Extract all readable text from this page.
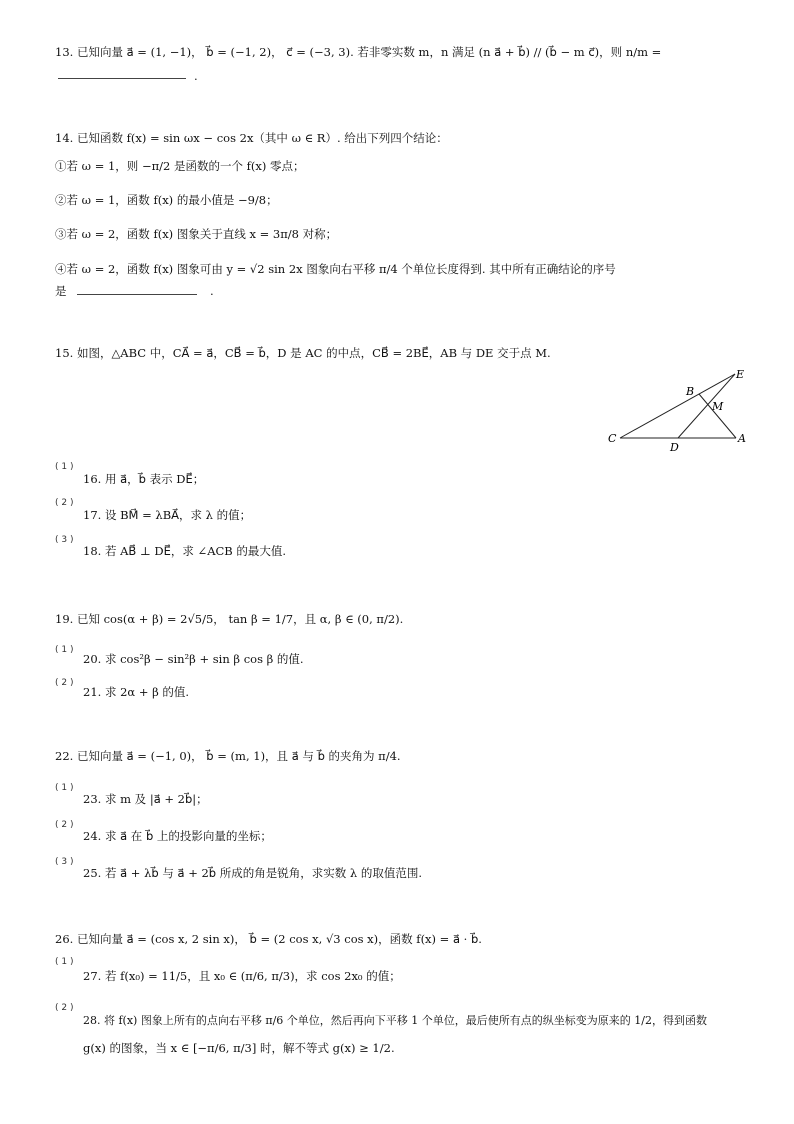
13. 已知向量 a⃗ = (1, −1)， b⃗ = (−1, 2)， c⃗ = (−3, 3). 若非零实数 m，n 满足 (n a⃗ + b⃗) // (b⃗ − m c⃗)，则 n/m =
.
14. 已知函数 f(x) = sin ωx − cos 2x（其中 ω ∈ R）. 给出下列四个结论：
①若 ω = 1，则 −π/2 是函数的一个 f(x) 零点；
②若 ω = 1，函数 f(x) 的最小值是 −9/8；
③若 ω = 2，函数 f(x) 图象关于直线 x = 3π/8 对称；
④若 ω = 2，函数 f(x) 图象可由 y = √2 sin 2x 图象向右平移 π/4 个单位长度得到. 其中所有正确结论的序号
是	.
15. 如图，△ABC 中，CA⃗ = a⃗，CB⃗ = b⃗，D 是 AC 的中点，CB⃗ = 2BE⃗，AB 与 DE 交于点 M.
C
D
A
B
E
M
( 1 )
16. 用 a⃗，b⃗ 表示 DE⃗；
( 2 )
17. 设 BM⃗ = λBA⃗，求 λ 的值；
( 3 )
18. 若 AB⃗ ⊥ DE⃗，求 ∠ACB 的最大值.
19. 已知 cos(α + β) = 2√5/5， tan β = 1/7，且 α, β ∈ (0, π/2).
( 1 )
20. 求 cos²β − sin²β + sin β cos β 的值.
( 2 )
21. 求 2α + β 的值.
22. 已知向量 a⃗ = (−1, 0)， b⃗ = (m, 1)，且 a⃗ 与 b⃗ 的夹角为 π/4.
( 1 )
23. 求 m 及 |a⃗ + 2b⃗|；
( 2 )
24. 求 a⃗ 在 b⃗ 上的投影向量的坐标；
( 3 )
25. 若 a⃗ + λb⃗ 与 a⃗ + 2b⃗ 所成的角是锐角，求实数 λ 的取值范围.
26. 已知向量 a⃗ = (cos x, 2 sin x)， b⃗ = (2 cos x, √3 cos x)，函数 f(x) = a⃗ · b⃗.
( 1 )
27. 若 f(x₀) = 11/5，且 x₀ ∈ (π/6, π/3)，求 cos 2x₀ 的值；
( 2 )
28. 将 f(x) 图象上所有的点向右平移 π/6 个单位，然后再向下平移 1 个单位，最后使所有点的纵坐标变为原来的 1/2，得到函数
g(x) 的图象，当 x ∈ [−π/6, π/3] 时，解不等式 g(x) ≥ 1/2.
